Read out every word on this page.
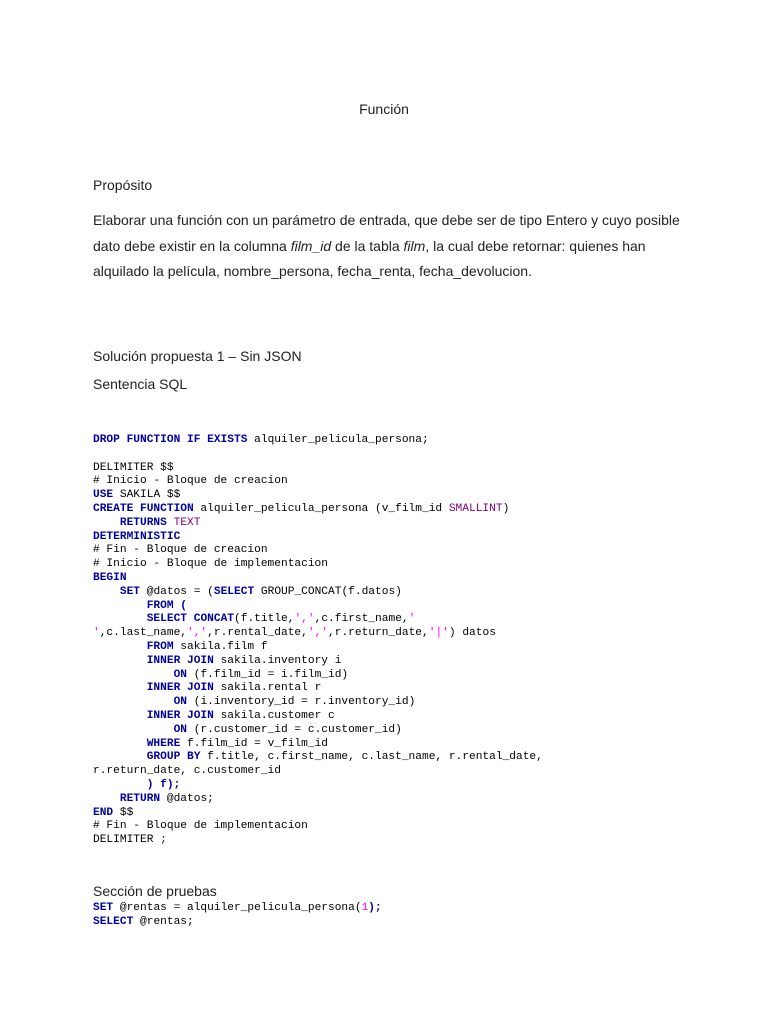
Función
Propósito
Elaborar una función con un parámetro de entrada, que debe ser de tipo Entero y cuyo posible dato debe existir en la columna film_id de la tabla film, la cual debe retornar: quienes han alquilado la película, nombre_persona, fecha_renta, fecha_devolucion.
Solución propuesta 1 – Sin JSON
Sentencia SQL
DROP FUNCTION IF EXISTS alquiler_pelicula_persona;

DELIMITER $$
# Inicio - Bloque de creacion
USE SAKILA $$
CREATE FUNCTION alquiler_pelicula_persona (v_film_id SMALLINT)
RETURNS TEXT
DETERMINISTIC
# Fin - Bloque de creacion
# Inicio - Bloque de implementacion
BEGIN
SET @datos = (SELECT GROUP_CONCAT(f.datos)
FROM (
SELECT CONCAT(f.title,',',c.first_name,'
',c.last_name,',',r.rental_date,',',r.return_date,'|') datos
FROM sakila.film f
INNER JOIN sakila.inventory i
ON (f.film_id = i.film_id)
INNER JOIN sakila.rental r
ON (i.inventory_id = r.inventory_id)
INNER JOIN sakila.customer c
ON (r.customer_id = c.customer_id)
WHERE f.film_id = v_film_id
GROUP BY f.title, c.first_name, c.last_name, r.rental_date,
r.return_date, c.customer_id
) f);
RETURN @datos;
END $$
# Fin - Bloque de implementacion
DELIMITER ;
Sección de pruebas
SET @rentas = alquiler_pelicula_persona(1);
SELECT @rentas;
